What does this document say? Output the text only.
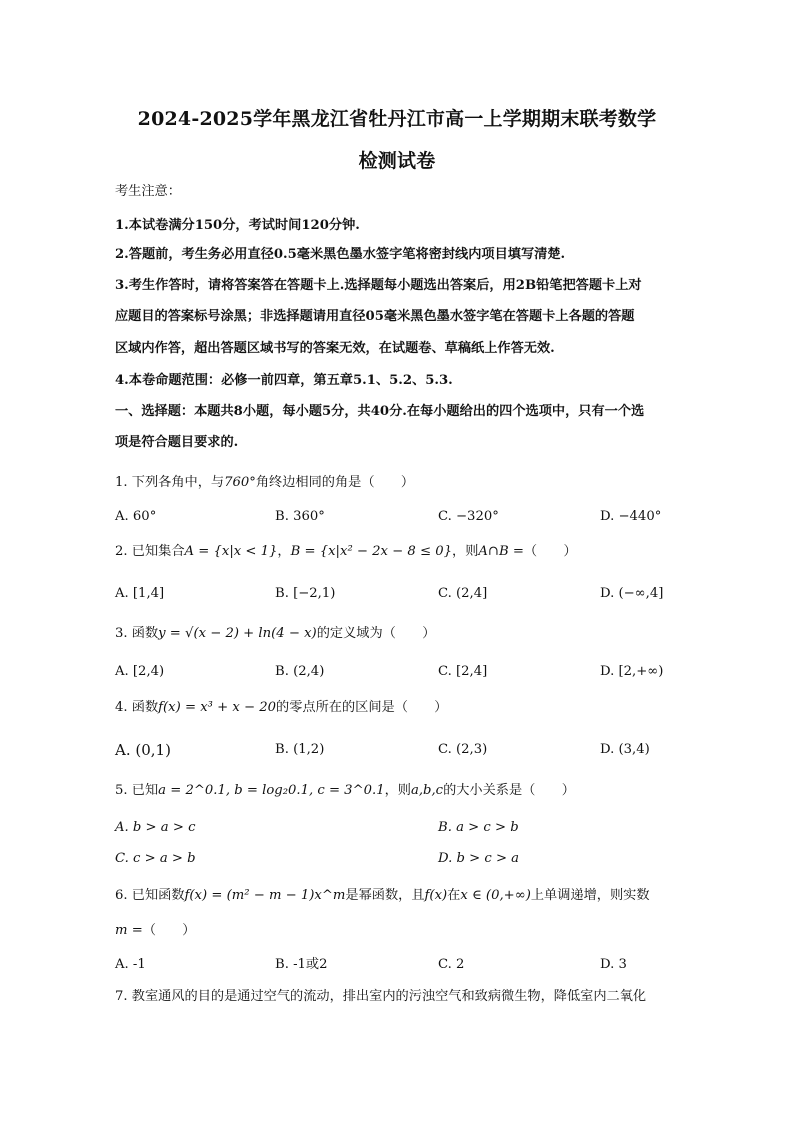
2024-2025学年黑龙江省牡丹江市高一上学期期末联考数学
检测试卷
考生注意：
1.本试卷满分150分，考试时间120分钟.
2.答题前，考生务必用直径0.5毫米黑色墨水签字笔将密封线内项目填写清楚.
3.考生作答时，请将答案答在答题卡上.选择题每小题选出答案后，用2B铅笔把答题卡上对
应题目的答案标号涂黑；非选择题请用直径05毫米黑色墨水签字笔在答题卡上各题的答题
区域内作答，超出答题区域书写的答案无效，在试题卷、草稿纸上作答无效.
4.本卷命题范围：必修一前四章，第五章5.1、5.2、5.3.
一、选择题：本题共8小题，每小题5分，共40分.在每小题给出的四个选项中，只有一个选
项是符合题目要求的.
1. 下列各角中，与760°角终边相同的角是（　　）
A. 60°	B. 360°	C. −320°	D. −440°
2. 已知集合A = {x|x < 1}，B = {x|x² − 2x − 8 ≤ 0}，则A∩B =（　　）
A. [1,4]	B. [−2,1)	C. (2,4]	D. (−∞,4]
3. 函数y = √(x − 2) + ln(4 − x)的定义域为（　　）
A. [2,4)	B. (2,4)	C. [2,4]	D. [2,+∞)
4. 函数f(x) = x³ + x − 20的零点所在的区间是（　　）
A. (0,1)	B. (1,2)	C. (2,3)	D. (3,4)
5. 已知a = 2^0.1, b = log₂0.1, c = 3^0.1，则a,b,c的大小关系是（　　）
A. b > a > c	B. a > c > b
C. c > a > b	D. b > c > a
6. 已知函数f(x) = (m² − m − 1)x^m是幂函数，且f(x)在x ∈ (0,+∞)上单调递增，则实数
m =（　　）
A. -1	B. -1或2	C. 2	D. 3
7. 教室通风的目的是通过空气的流动，排出室内的污浊空气和致病微生物，降低室内二氧化
